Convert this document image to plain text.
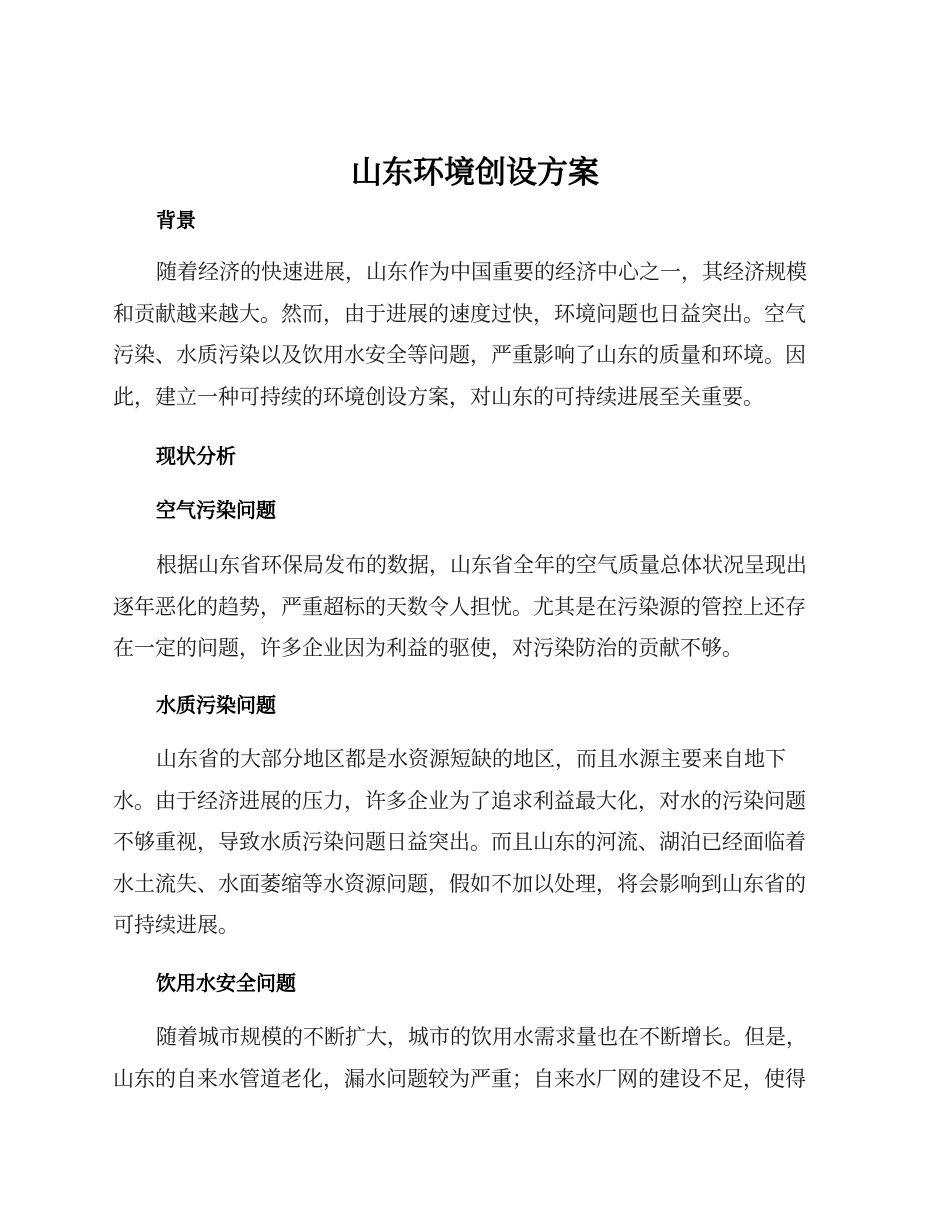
山东环境创设方案
背景

随着经济的快速进展，山东作为中国重要的经济中心之一，其经济规模
和贡献越来越大。然而，由于进展的速度过快，环境问题也日益突出。空气
污染、水质污染以及饮用水安全等问题，严重影响了山东的质量和环境。因
此，建立一种可持续的环境创设方案，对山东的可持续进展至关重要。

现状分析
空气污染问题

根据山东省环保局发布的数据，山东省全年的空气质量总体状况呈现出
逐年恶化的趋势，严重超标的天数令人担忧。尤其是在污染源的管控上还存
在一定的问题，许多企业因为利益的驱使，对污染防治的贡献不够。

水质污染问题

山东省的大部分地区都是水资源短缺的地区，而且水源主要来自地下
水。由于经济进展的压力，许多企业为了追求利益最大化，对水的污染问题
不够重视，导致水质污染问题日益突出。而且山东的河流、湖泊已经面临着
水土流失、水面萎缩等水资源问题，假如不加以处理，将会影响到山东省的
可持续进展。

饮用水安全问题

随着城市规模的不断扩大，城市的饮用水需求量也在不断增长。但是，
山东的自来水管道老化，漏水问题较为严重；自来水厂网的建设不足，使得
